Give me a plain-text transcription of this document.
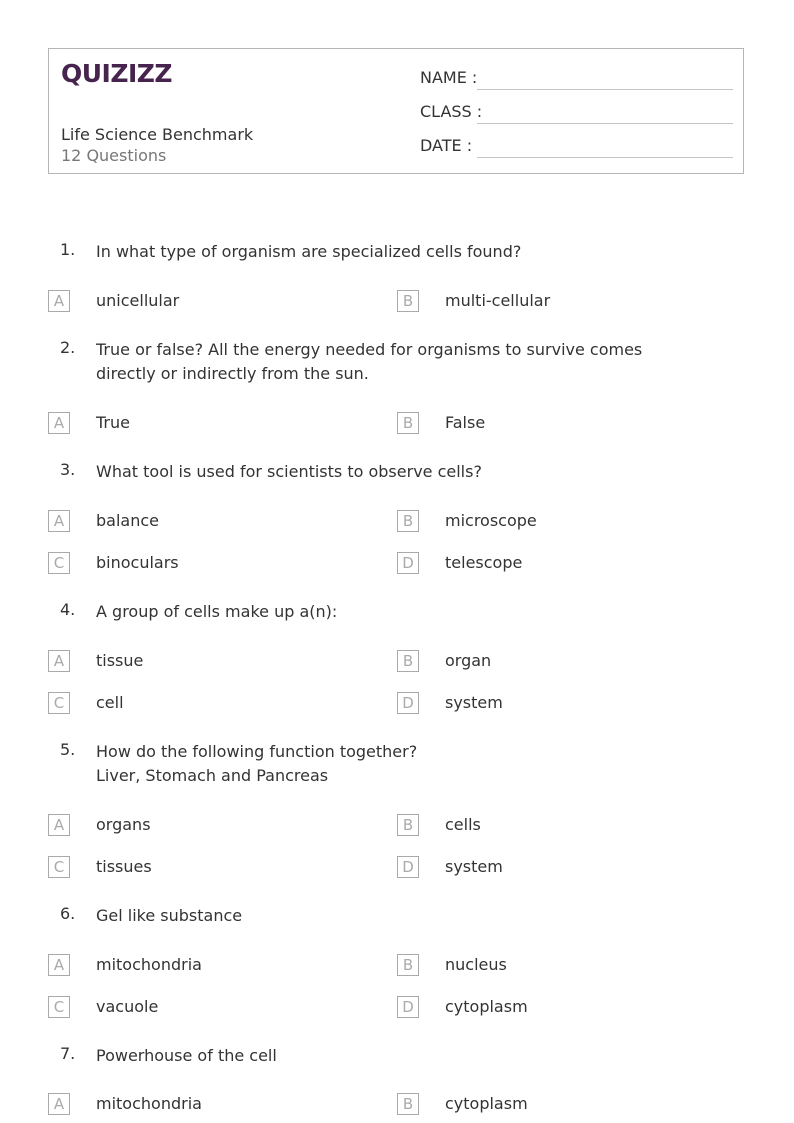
QUIZIZZ
Life Science Benchmark
12 Questions
NAME :
CLASS :
DATE :
1. In what type of organism are specialized cells found?
A	unicellular	B	multi-cellular
2. True or false? All the energy needed for organisms to survive comes directly or indirectly from the sun.
A	True	B	False
3. What tool is used for scientists to observe cells?
A	balance	B	microscope
C	binoculars	D	telescope
4. A group of cells make up a(n):
A	tissue	B	organ
C	cell	D	system
5. How do the following function together?
Liver, Stomach and Pancreas
A	organs	B	cells
C	tissues	D	system
6. Gel like substance
A	mitochondria	B	nucleus
C	vacuole	D	cytoplasm
7. Powerhouse of the cell
A	mitochondria	B	cytoplasm
